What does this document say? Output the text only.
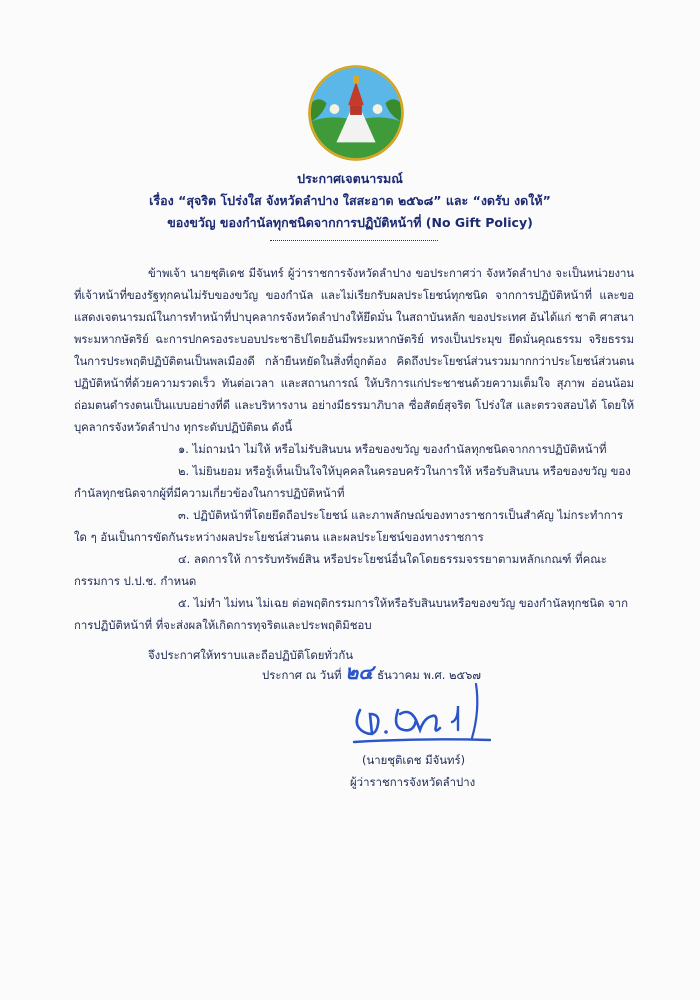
ประกาศเจตนารมณ์
เรื่อง “สุจริต โปร่งใส จังหวัดลำปาง ใสสะอาด ๒๕๖๘” และ “งดรับ งดให้”
ของขวัญ ของกำนัลทุกชนิดจากการปฏิบัติหน้าที่ (No Gift Policy)
ข้าพเจ้า นายชุติเดช มีจันทร์ ผู้ว่าราชการจังหวัดลำปาง ขอประกาศว่า จังหวัดลำปาง จะเป็นหน่วยงานที่เจ้าหน้าที่ของรัฐทุกคนไม่รับของขวัญ ของกำนัล และไม่เรียกรับผลประโยชน์ทุกชนิด จากการปฏิบัติหน้าที่ และขอแสดงเจตนารมณ์ในการทำหน้าที่ปาบุคลากรจังหวัดลำปางให้ยึดมั่น ในสถาบันหลัก ของประเทศ อันได้แก่ ชาติ ศาสนา พระมหากษัตริย์ ฉะการปกครองระบอบประชาธิปไตยอันมีพระมหากษัตริย์ ทรงเป็นประมุข ยึดมั่นคุณธรรม จริยธรรมในการประพฤติปฏิบัติตนเป็นพลเมืองดี กล้ายืนหยัดในสิ่งที่ถูกต้อง คิดถึงประโยชน์ส่วนรวมมากกว่าประโยชน์ส่วนตน ปฏิบัติหน้าที่ด้วยความรวดเร็ว ทันต่อเวลา และสถานการณ์ ให้บริการแก่ประชาชนด้วยความเต็มใจ สุภาพ อ่อนน้อมถ่อมตนดำรงตนเป็นแบบอย่างที่ดี และบริหารงาน อย่างมีธรรมาภิบาล ซื่อสัตย์สุจริต โปร่งใส และตรวจสอบได้ โดยให้บุคลากรจังหวัดลำปาง ทุกระดับปฏิบัติตน ดังนี้
๑. ไม่ถามนำ ไม่ให้ หรือไม่รับสินบน หรือของขวัญ ของกำนัลทุกชนิดจากการปฏิบัติหน้าที่
๒. ไม่ยินยอม หรือรู้เห็นเป็นใจให้บุคคลในครอบครัวในการให้ หรือรับสินบน หรือของขวัญ ของกำนัลทุกชนิดจากผู้ที่มีความเกี่ยวข้องในการปฏิบัติหน้าที่
๓. ปฏิบัติหน้าที่โดยยึดถือประโยชน์ และภาพลักษณ์ของทางราชการเป็นสำคัญ ไม่กระทำการใด ๆ อันเป็นการขัดกันระหว่างผลประโยชน์ส่วนตน และผลประโยชน์ของทางราชการ
๔. ลดการให้ การรับทรัพย์สิน หรือประโยชน์อื่นใดโดยธรรมจรรยาตามหลักเกณฑ์ ที่คณะกรรมการ ป.ป.ช. กำหนด
๕. ไม่ทำ ไม่ทน ไม่เฉย ต่อพฤติกรรมการให้หรือรับสินบนหรือของขวัญ ของกำนัลทุกชนิด จากการปฏิบัติหน้าที่ ที่จะส่งผลให้เกิดการทุจริตและประพฤติมิชอบ
จึงประกาศให้ทราบและถือปฏิบัติโดยทั่วกัน
ประกาศ ณ วันที่ ๒๔ ธันวาคม พ.ศ. ๒๕๖๗
(นายชุติเดช มีจันทร์)
ผู้ว่าราชการจังหวัดลำปาง
